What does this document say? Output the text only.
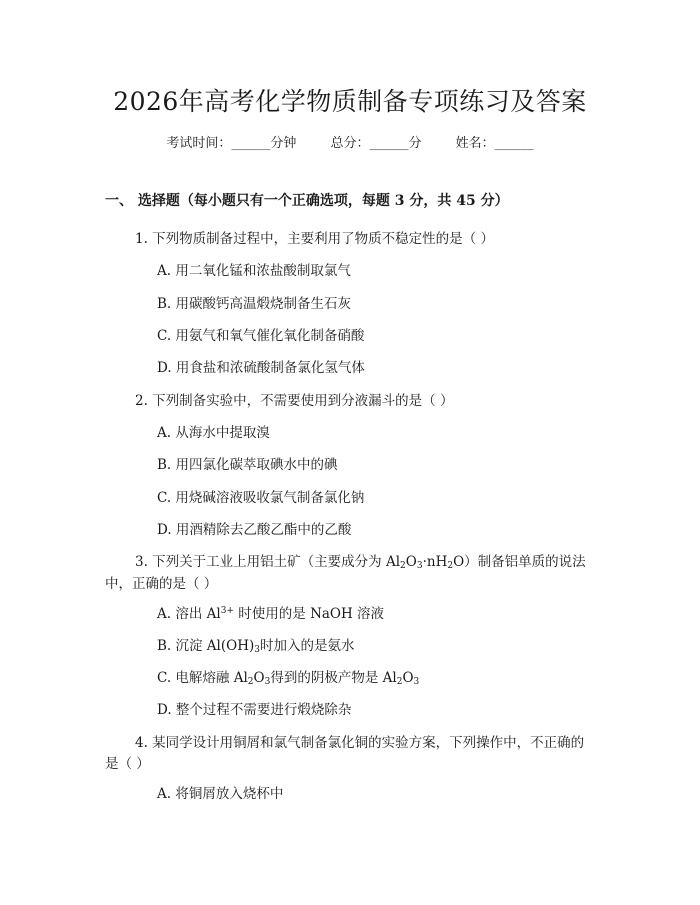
2026年高考化学物质制备专项练习及答案
考试时间：______分钟	总分：______分	姓名：______
一、 选择题（每小题只有一个正确选项，每题 3 分，共 45 分）
1. 下列物质制备过程中，主要利用了物质不稳定性的是（ ）
A. 用二氧化锰和浓盐酸制取氯气
B. 用碳酸钙高温煅烧制备生石灰
C. 用氨气和氧气催化氧化制备硝酸
D. 用食盐和浓硫酸制备氯化氢气体
2. 下列制备实验中，不需要使用到分液漏斗的是（ ）
A. 从海水中提取溴
B. 用四氯化碳萃取碘水中的碘
C. 用烧碱溶液吸收氯气制备氯化钠
D. 用酒精除去乙酸乙酯中的乙酸
3. 下列关于工业上用铝土矿（主要成分为 $Al_2O_3\cdot nH_2O$）制备铝单质的说法
中，正确的是（ ）
A. 溶出 $Al^{3+}$ 时使用的是 NaOH 溶液
B. 沉淀 $Al(OH)_3$时加入的是氨水
C. 电解熔融 $Al_2O_3$得到的阴极产物是 $Al_2O_3$
D. 整个过程不需要进行煅烧除杂
4. 某同学设计用铜屑和氯气制备氯化铜的实验方案，下列操作中，不正确的
是（ ）
A. 将铜屑放入烧杯中
